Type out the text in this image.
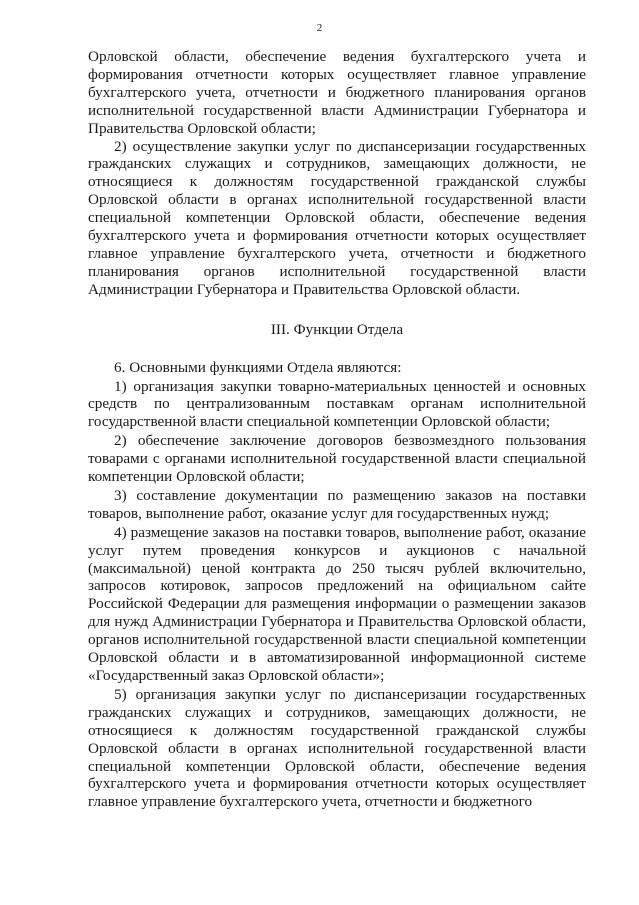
2

Орловской области, обеспечение ведения бухгалтерского учета и формирования отчетности которых осуществляет главное управление бухгалтерского учета, отчетности и бюджетного планирования органов исполнительной государственной власти Администрации Губернатора и Правительства Орловской области;

2) осуществление закупки услуг по диспансеризации государственных гражданских служащих и сотрудников, замещающих должности, не относящиеся к должностям государственной гражданской службы Орловской области в органах исполнительной государственной власти специальной компетенции Орловской области, обеспечение ведения бухгалтерского учета и формирования отчетности которых осуществляет главное управление бухгалтерского учета, отчетности и бюджетного планирования органов исполнительной государственной власти Администрации Губернатора и Правительства Орловской области.

III. Функции Отдела

6. Основными функциями Отдела являются:

1) организация закупки товарно-материальных ценностей и основных средств по централизованным поставкам органам исполнительной государственной власти специальной компетенции Орловской области;

2) обеспечение заключение договоров безвозмездного пользования товарами с органами исполнительной государственной власти специальной компетенции Орловской области;

3) составление документации по размещению заказов на поставки товаров, выполнение работ, оказание услуг для государственных нужд;

4) размещение заказов на поставки товаров, выполнение работ, оказание услуг путем проведения конкурсов и аукционов с начальной (максимальной) ценой контракта до 250 тысяч рублей включительно, запросов котировок, запросов предложений на официальном сайте Российской Федерации для размещения информации о размещении заказов для нужд Администрации Губернатора и Правительства Орловской области, органов исполнительной государственной власти специальной компетенции Орловской области и в автоматизированной информационной системе «Государственный заказ Орловской области»;

5) организация закупки услуг по диспансеризации государственных гражданских служащих и сотрудников, замещающих должности, не относящиеся к должностям государственной гражданской службы Орловской области в органах исполнительной государственной власти специальной компетенции Орловской области, обеспечение ведения бухгалтерского учета и формирования отчетности которых осуществляет главное управление бухгалтерского учета, отчетности и бюджетного
